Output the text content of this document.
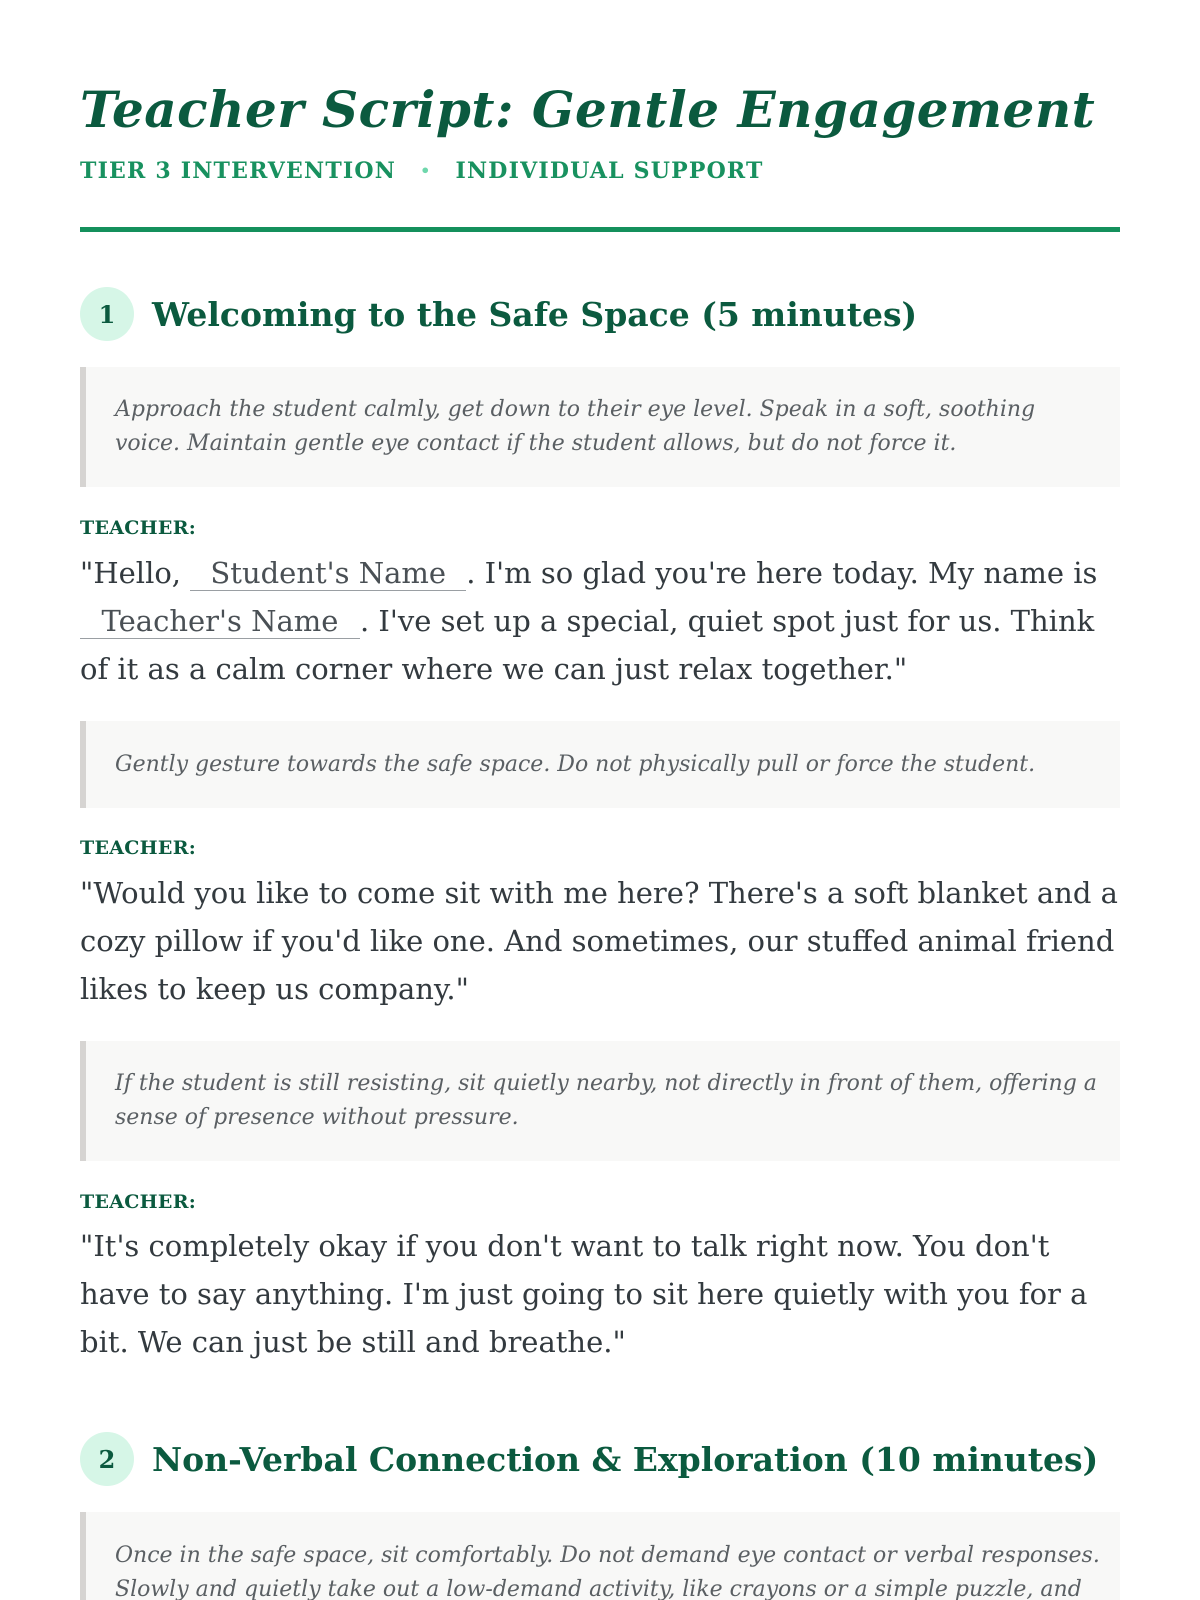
Teacher Script: Gentle Engagement
TIER 3 INTERVENTION • INDIVIDUAL SUPPORT
1	Welcoming to the Safe Space (5 minutes)

Approach the student calmly, get down to their eye level. Speak in a soft, soothing voice. Maintain gentle eye contact if the student allows, but do not force it.

TEACHER:

"Hello, Student's Name . I'm so glad you're here today. My name is Teacher's Name . I've set up a special, quiet spot just for us. Think of it as a calm corner where we can just relax together."

Gently gesture towards the safe space. Do not physically pull or force the student.

TEACHER:

"Would you like to come sit with me here? There's a soft blanket and a cozy pillow if you'd like one. And sometimes, our stuffed animal friend likes to keep us company."

If the student is still resisting, sit quietly nearby, not directly in front of them, offering a sense of presence without pressure.

TEACHER:

"It's completely okay if you don't want to talk right now. You don't have to say anything. I'm just going to sit here quietly with you for a bit. We can just be still and breathe."

2	Non-Verbal Connection & Exploration (10 minutes)

Once in the safe space, sit comfortably. Do not demand eye contact or verbal responses. Slowly and quietly take out a low-demand activity, like crayons or a simple puzzle, and
